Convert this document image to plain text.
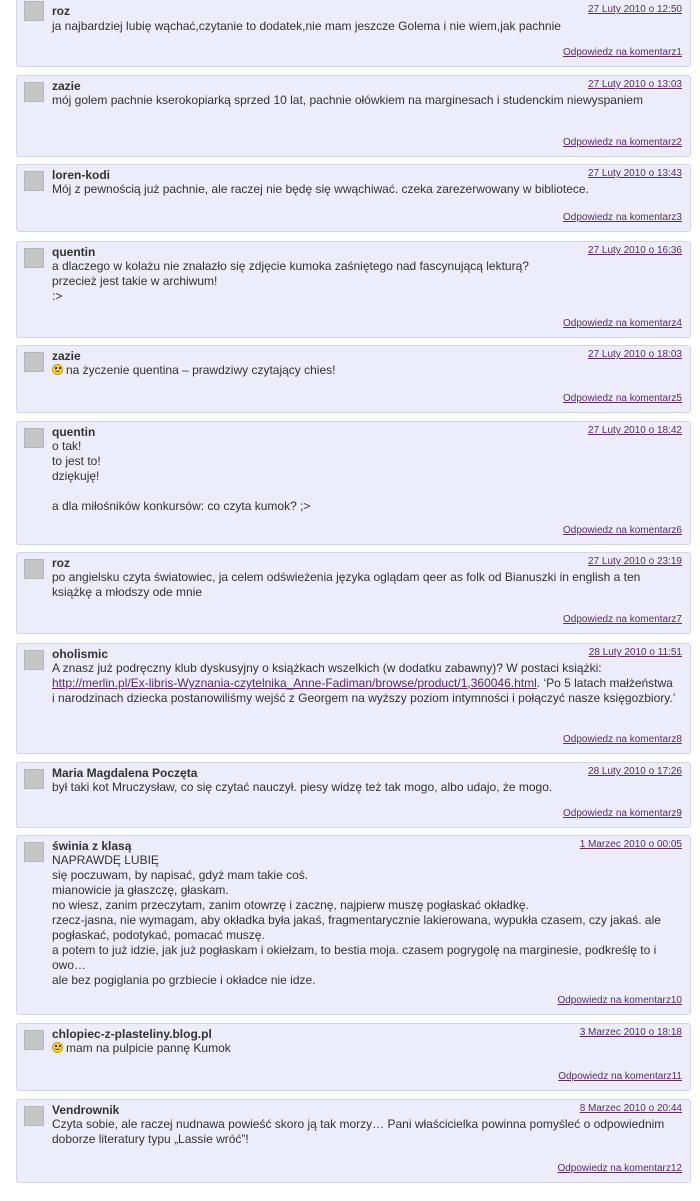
roz	27 Luty 2010 o 12:50

ja najbardziej lubię wąchać,czytanie to dodatek,nie mam jeszcze Golema i nie wiem,jak pachnie

Odpowiedz na komentarz1
zazie	27 Luty 2010 o 13:03

mój golem pachnie kserokopiarką sprzed 10 lat, pachnie ołówkiem na marginesach i studenckim niewyspaniem

Odpowiedz na komentarz2
loren-kodi	27 Luty 2010 o 13:43

Mój z pewnością już pachnie, ale raczej nie będę się wwąchiwać. czeka zarezerwowany w bibliotece.

Odpowiedz na komentarz3
quentin	27 Luty 2010 o 16:36

a dlaczego w kolażu nie znalazło się zdjęcie kumoka zaśniętego nad fascynującą lekturą?

przecież jest takie w archiwum!

:>

Odpowiedz na komentarz4
zazie	27 Luty 2010 o 18:03

na życzenie quentina – prawdziwy czytający chies!

Odpowiedz na komentarz5
quentin	27 Luty 2010 o 18:42

o tak!

to jest to!

dziękuję!

a dla miłośników konkursów: co czyta kumok? ;>

Odpowiedz na komentarz6
roz	27 Luty 2010 o 23:19

po angielsku czyta światowiec, ja celem odświeżenia języka oglądam qeer as folk od Bianuszki in english a ten książkę a młodszy ode mnie

Odpowiedz na komentarz7
oholismic	28 Luty 2010 o 11:51

A znasz już podręczny klub dyskusyjny o książkach wszelkich (w dodatku zabawny)? W postaci książki: http://merlin.pl/Ex-libris-Wyznania-czytelnika_Anne-Fadiman/browse/product/1,360046.html. ‘Po 5 latach małżeństwa i narodzinach dziecka postanowiliśmy wejść z Georgem na wyższy poziom intymności i połączyć nasze księgozbiory.’

Odpowiedz na komentarz8
Maria Magdalena Poczęta	28 Luty 2010 o 17:26

był taki kot Mruczysław, co się czytać nauczył. piesy widzę też tak mogo, albo udajo, że mogo.

Odpowiedz na komentarz9
świnia z klasą	1 Marzec 2010 o 00:05

NAPRAWDĘ LUBIĘ

się poczuwam, by napisać, gdyż mam takie coś.

mianowicie ja głaszczę, głaskam.

no wiesz, zanim przeczytam, zanim otowrzę i zacznę, najpierw muszę pogłaskać okładkę.

rzecz-jasna, nie wymagam, aby okładka była jakaś, fragmentarycznie lakierowana, wypukła czasem, czy jakaś. ale pogłaskać, podotykać, pomacać muszę.

a potem to już idzie, jak już pogłaskam i okiełzam, to bestia moja. czasem pogrygolę na marginesie, podkreślę to i owo…

ale bez pogiglania po grzbiecie i okładce nie idze.

Odpowiedz na komentarz10
chlopiec-z-plasteliny.blog.pl	3 Marzec 2010 o 18:18

mam na pulpicie pannę Kumok

Odpowiedz na komentarz11
Vendrownik	8 Marzec 2010 o 20:44

Czyta sobie, ale raczej nudnawa powieść skoro ją tak morzy… Pani właścicielka powinna pomyśleć o odpowiednim doborze literatury typu „Lassie wróć”!

Odpowiedz na komentarz12
